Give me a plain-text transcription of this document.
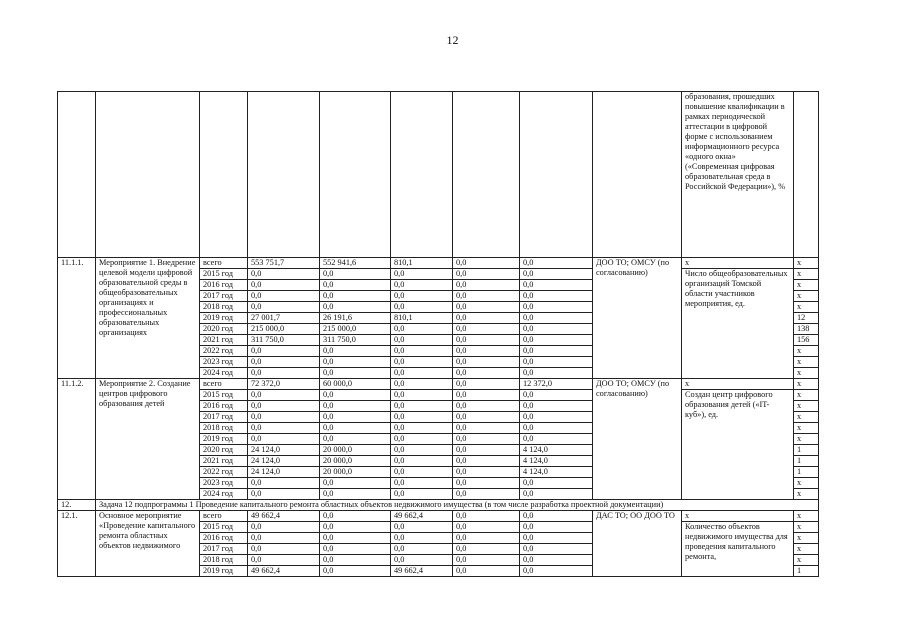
12
									образования, прошедших повышение квалификации в рамках периодической аттестации в цифровой форме с использованием информационного ресурса «одного окна» («Современная цифровая образовательная среда в Российской Федерации»), %	
11.1.1.	Мероприятие 1. Внедрение целевой модели цифровой образовательной среды в общеобразовательных организациях и профессиональных образовательных организациях	всего	553 751,7	552 941,6	810,1	0,0	0,0	ДОО ТО; ОМСУ (по согласованию)	x	x
		2015 год	0,0	0,0	0,0	0,0	0,0		Число общеобразовательных организаций Томской области участников мероприятия, ед.	x
		2016 год	0,0	0,0	0,0	0,0	0,0			x
		2017 год	0,0	0,0	0,0	0,0	0,0			x
		2018 год	0,0	0,0	0,0	0,0	0,0			x
		2019 год	27 001,7	26 191,6	810,1	0,0	0,0			12
		2020 год	215 000,0	215 000,0	0,0	0,0	0,0			138
		2021 год	311 750,0	311 750,0	0,0	0,0	0,0			156
		2022 год	0,0	0,0	0,0	0,0	0,0			x
		2023 год	0,0	0,0	0,0	0,0	0,0			x
		2024 год	0,0	0,0	0,0	0,0	0,0			x
11.1.2.	Мероприятие 2. Создание центров цифрового образования детей	всего	72 372,0	60 000,0	0,0	0,0	12 372,0	ДОО ТО; ОМСУ (по согласованию)	x	x
		2015 год	0,0	0,0	0,0	0,0	0,0		Создан центр цифрового образования детей («IT-куб»), ед.	x
		2016 год	0,0	0,0	0,0	0,0	0,0			x
		2017 год	0,0	0,0	0,0	0,0	0,0			x
		2018 год	0,0	0,0	0,0	0,0	0,0			x
		2019 год	0,0	0,0	0,0	0,0	0,0			x
		2020 год	24 124,0	20 000,0	0,0	0,0	4 124,0			1
		2021 год	24 124,0	20 000,0	0,0	0,0	4 124,0			1
		2022 год	24 124,0	20 000,0	0,0	0,0	4 124,0			1
		2023 год	0,0	0,0	0,0	0,0	0,0			x
		2024 год	0,0	0,0	0,0	0,0	0,0			x
12.	Задача 12 подпрограммы 1 Проведение капитального ремонта областных объектов недвижимого имущества (в том числе разработка проектной документации)									
12.1.	Основное мероприятие «Проведение капитального ремонта областных объектов недвижимого	всего	49 662,4	0,0	49 662,4	0,0	0,0	ДАС ТО; ОО ДОО ТО	x	x
		2015 год	0,0	0,0	0,0	0,0	0,0		Количество объектов недвижимого имущества для проведения капитального ремонта,	x
		2016 год	0,0	0,0	0,0	0,0	0,0			x
		2017 год	0,0	0,0	0,0	0,0	0,0			x
		2018 год	0,0	0,0	0,0	0,0	0,0			x
		2019 год	49 662,4	0,0	49 662,4	0,0	0,0			1
